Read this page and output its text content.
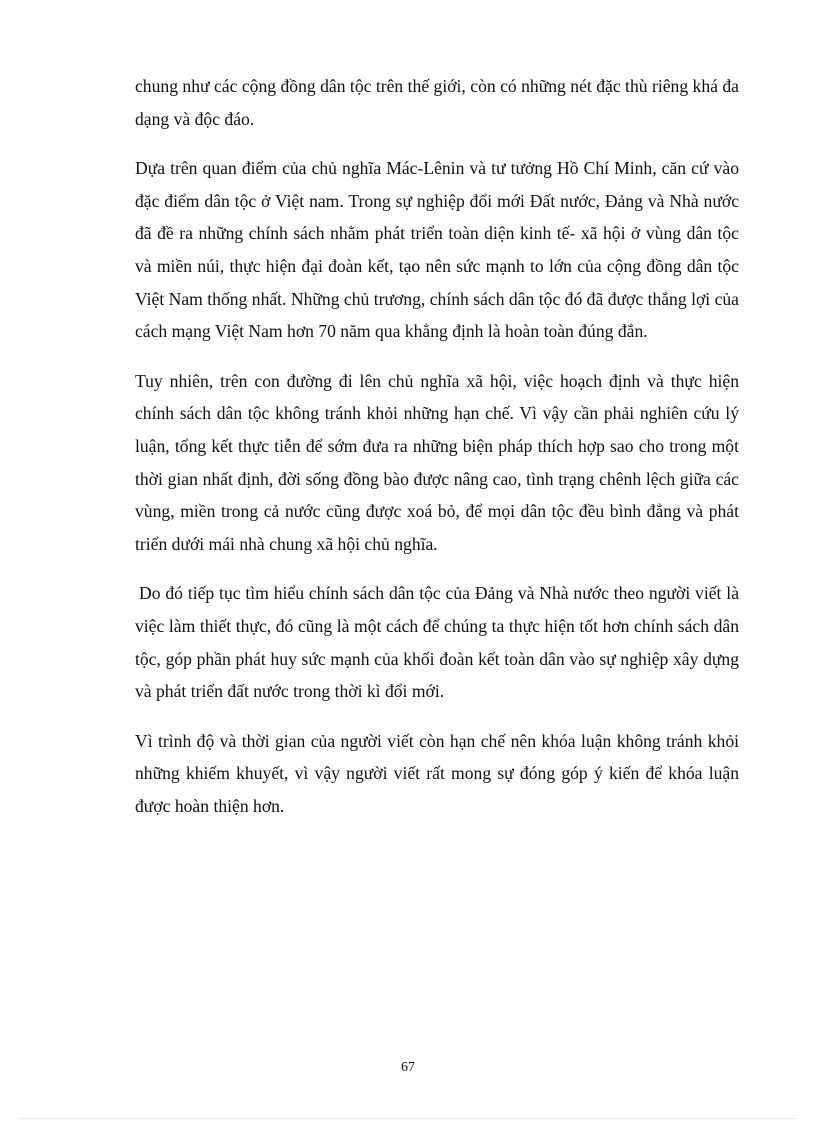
chung như các cộng đồng dân tộc trên thế giới, còn có những nét đặc thù riêng khá đa dạng và độc đáo.

Dựa trên quan điểm của chủ nghĩa Mác-Lênin và tư tưởng Hồ Chí Minh, căn cứ vào đặc điểm dân tộc ở Việt nam. Trong sự nghiệp đổi mới Đất nước, Đảng và Nhà nước đã đề ra những chính sách nhằm phát triển toàn diện kinh tế- xã hội ở vùng dân tộc và miền núi, thực hiện đại đoàn kết, tạo nên sức mạnh to lớn của cộng đồng dân tộc Việt Nam thống nhất. Những chủ trương, chính sách dân tộc đó đã được thắng lợi của cách mạng Việt Nam hơn 70 năm qua khẳng định là hoàn toàn đúng đắn.

Tuy nhiên, trên con đường đi lên chủ nghĩa xã hội, việc hoạch định và thực hiện chính sách dân tộc không tránh khỏi những hạn chế. Vì vậy cần phải nghiên cứu lý luận, tổng kết thực tiễn để sớm đưa ra những biện pháp thích hợp sao cho trong một thời gian nhất định, đời sống đồng bào được nâng cao, tình trạng chênh lệch giữa các vùng, miền trong cả nước cũng được xoá bỏ, để mọi dân tộc đều bình đẳng và phát triển dưới mái nhà chung xã hội chủ nghĩa.

Do đó tiếp tục tìm hiểu chính sách dân tộc của Đảng và Nhà nước theo người viết là việc làm thiết thực, đó cũng là một cách để chúng ta thực hiện tốt hơn chính sách dân tộc, góp phần phát huy sức mạnh của khối đoàn kết toàn dân vào sự nghiệp xây dựng và phát triển đất nước trong thời kì đổi mới.

Vì trình độ và thời gian của người viết còn hạn chế nên khóa luận không tránh khỏi những khiếm khuyết, vì vậy người viết rất mong sự đóng góp ý kiến để khóa luận được hoàn thiện hơn.

67
